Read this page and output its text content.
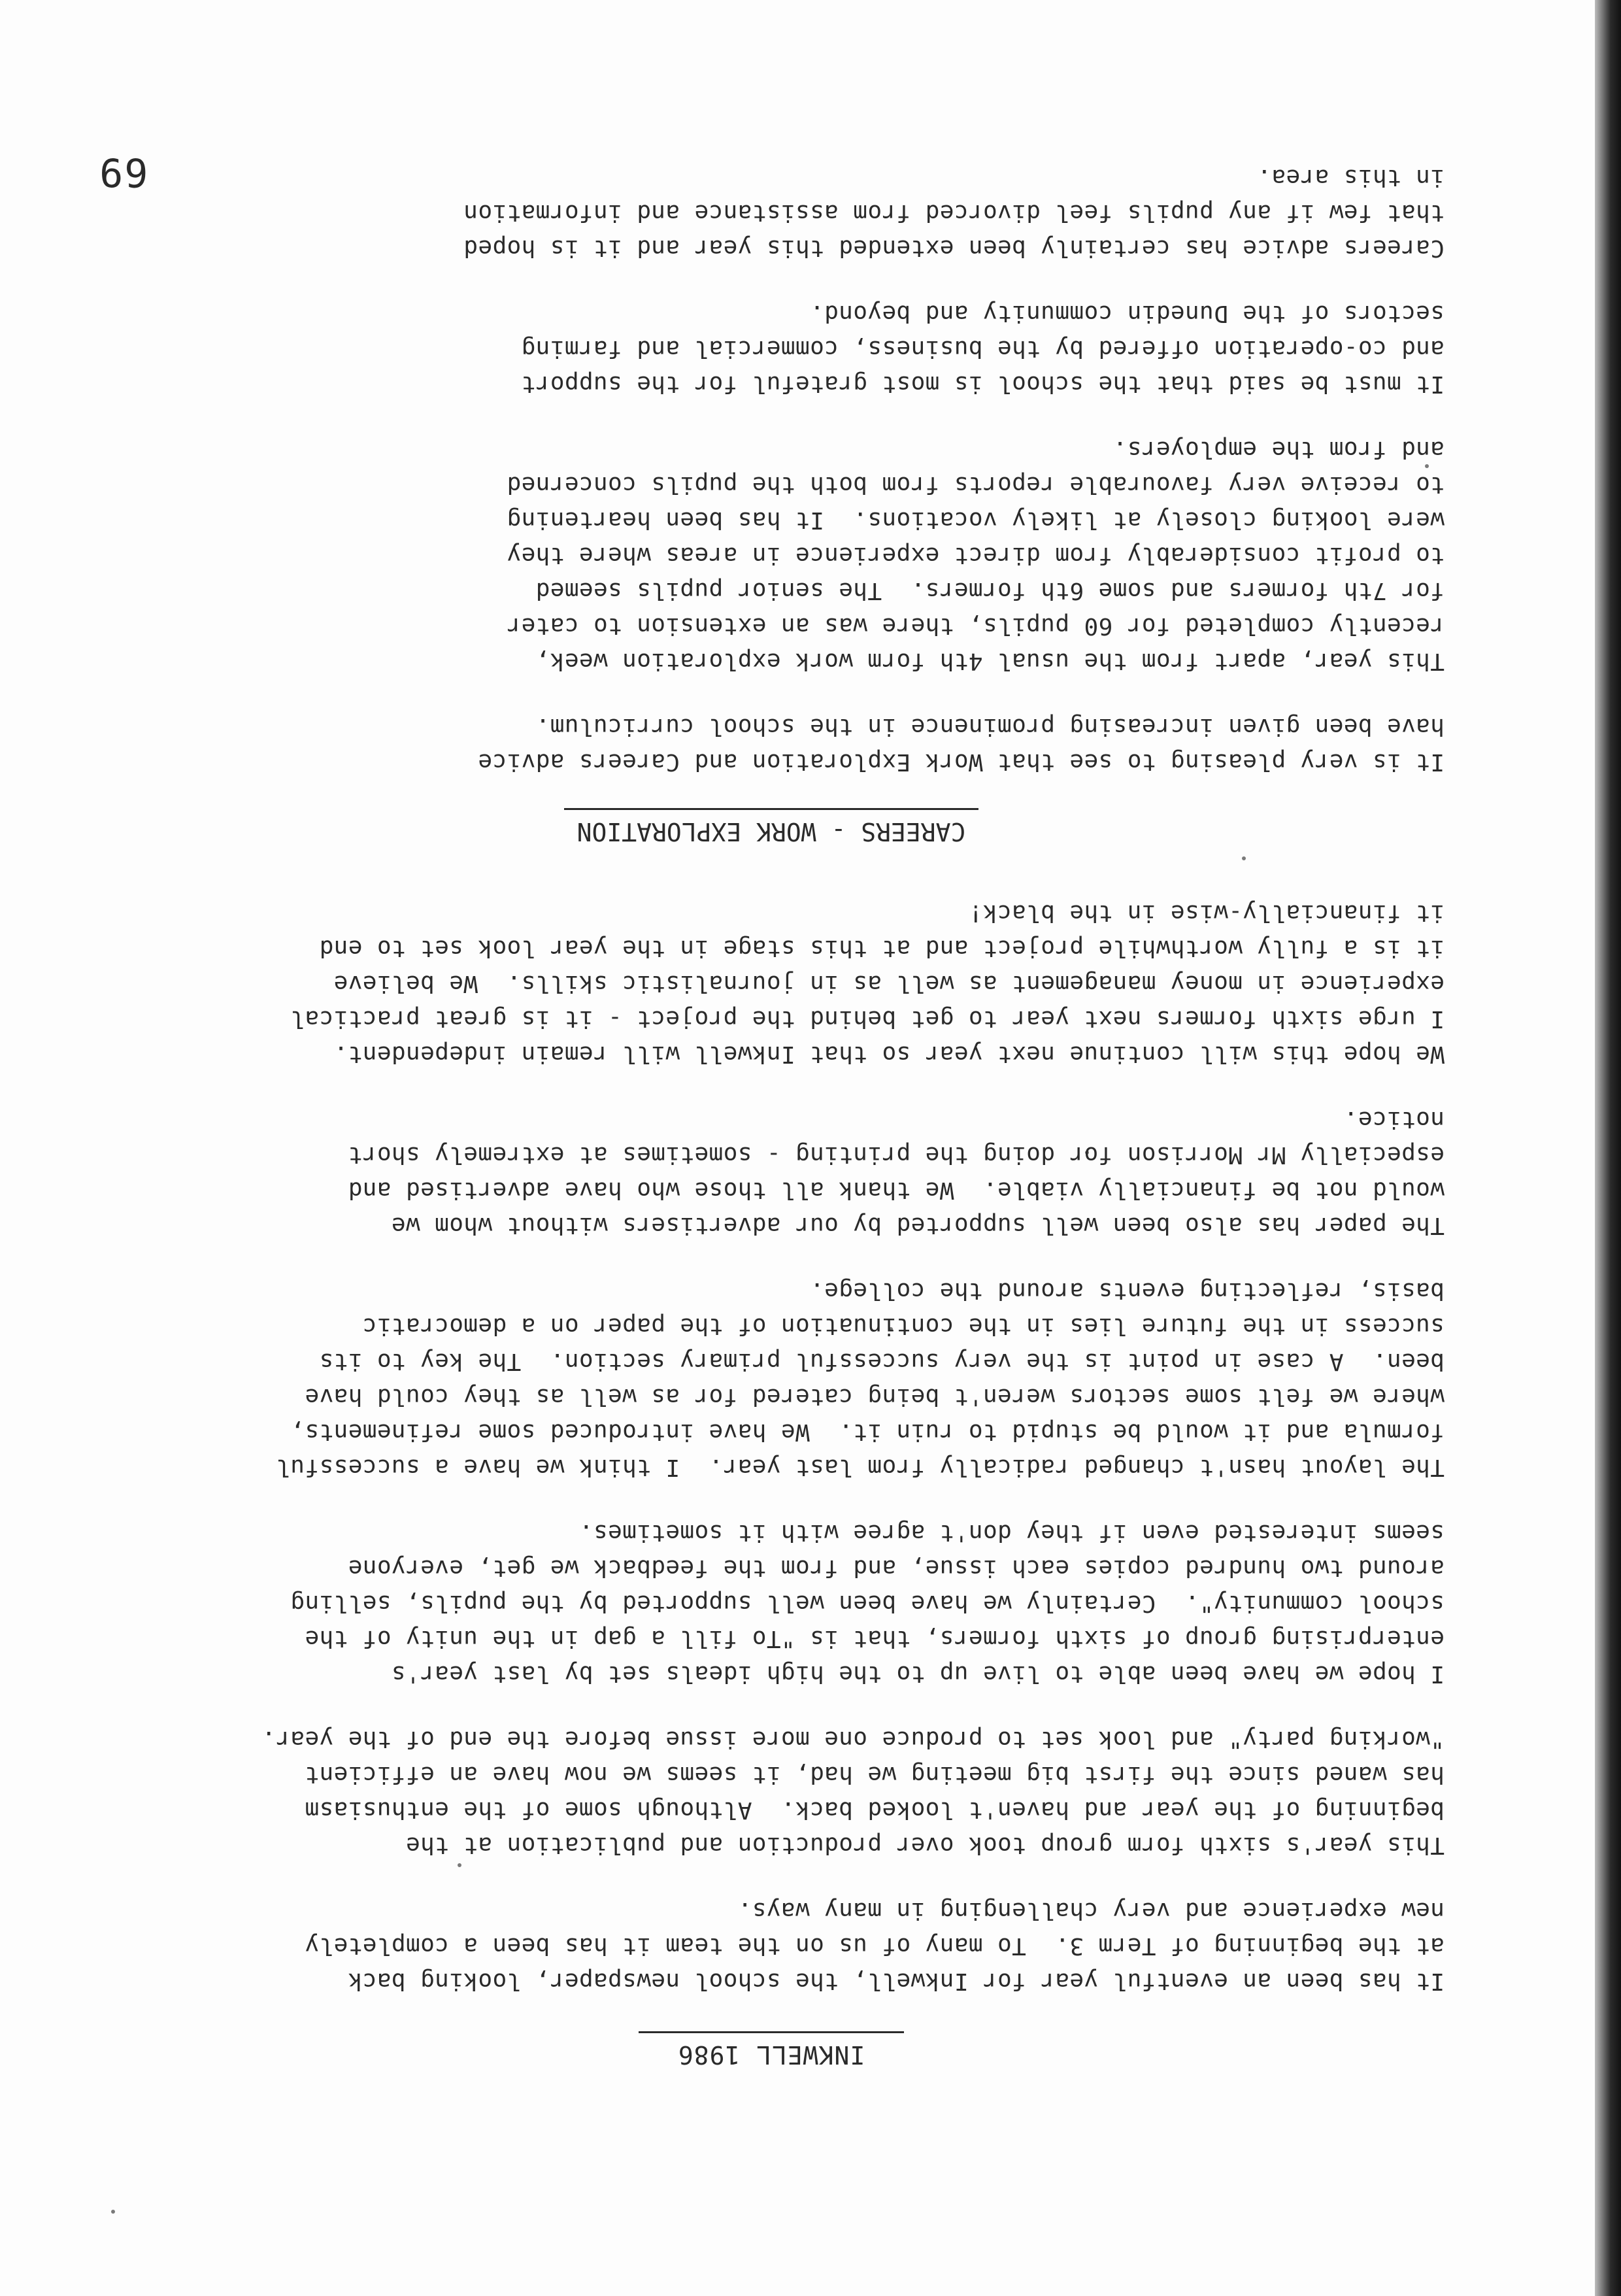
69
INKWELL 1986
It has been an eventful year for Inkwell, the school newspaper, looking back
at the beginning of Term 3.  To many of us on the team it has been a completely
new experience and very challenging in many ways.
This year's sixth form group took over production and publication at the
beginning of the year and haven't looked back.  Although some of the enthusiasm
has waned since the first big meeting we had, it seems we now have an efficient
"working party" and look set to produce one more issue before the end of the year.
I hope we have been able to live up to the high ideals set by last year's
enterprising group of sixth formers, that is "To fill a gap in the unity of the
school community".  Certainly we have been well supported by the pupils, selling
around two hundred copies each issue, and from the feedback we get, everyone
seems interested even if they don't agree with it sometimes.
The layout hasn't changed radically from last year.  I think we have a successful
formula and it would be stupid to ruin it.  We have introduced some refinements,
where we felt some sectors weren't being catered for as well as they could have
been.  A case in point is the very successful primary section.  The key to its
success in the future lies in the continuation of the paper on a democratic
basis, reflecting events around the college.
The paper has also been well supported by our advertisers without whom we
would not be financially viable.  We thank all those who have advertised and
especially Mr Morrison for doing the printing - sometimes at extremely short
notice.
We hope this will continue next year so that Inkwell will remain independent.
I urge sixth formers next year to get behind the project - it is great practical
experience in money management as well as in journalistic skills.  We believe
it is a fully worthwhile project and at this stage in the year look set to end
it financially-wise in the black!
CAREERS - WORK EXPLORATION
It is very pleasing to see that Work Exploration and Careers advice
have been given increasing prominence in the school curriculum.
This year, apart from the usual 4th form work exploration week,
recently completed for 60 pupils, there was an extension to cater
for 7th formers and some 6th formers.  The senior pupils seemed
to profit considerably from direct experience in areas where they
were looking closely at likely vocations.  It has been heartening
to receive very favourable reports from both the pupils concerned
and from the employers.
It must be said that the school is most grateful for the support
and co-operation offered by the business, commercial and farming
sectors of the Dunedin community and beyond.
Careers advice has certainly been extended this year and it is hoped
that few if any pupils feel divorced from assistance and information
in this area.
